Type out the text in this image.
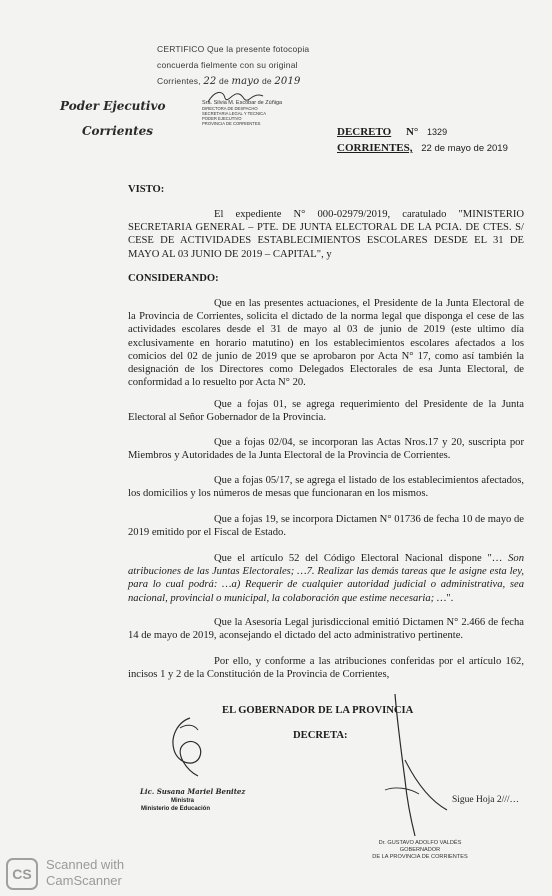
CERTIFICO Que la presente fotocopia
concuerda fielmente con su original
Corrientes, 22 de mayo de 2019
Sra. Silvia M. Escobar de Zúñiga
DIRECTORA DE DESPACHO
SECRETARIA LEGAL Y TECNICA
PODER EJECUTIVO
PROVINCIA DE CORRIENTES
Poder Ejecutivo
Corrientes	DECRETO N° 1329
CORRIENTES, 22 de mayo de 2019
VISTO:
El expediente N° 000-02979/2019, caratulado "MINISTERIO SECRETARIA GENERAL – PTE. DE JUNTA ELECTORAL DE LA PCIA. DE CTES. S/ CESE DE ACTIVIDADES ESTABLECIMIENTOS ESCOLARES DESDE EL 31 DE MAYO AL 03 JUNIO DE 2019 – CAPITAL", y
CONSIDERANDO:
Que en las presentes actuaciones, el Presidente de la Junta Electoral de la Provincia de Corrientes, solicita el dictado de la norma legal que disponga el cese de las actividades escolares desde el 31 de mayo al 03 de junio de 2019 (este ultimo día exclusivamente en horario matutino) en los establecimientos escolares afectados a los comicios del 02 de junio de 2019 que se aprobaron por Acta N° 17, como así también la designación de los Directores como Delegados Electorales de esa Junta Electoral, de conformidad a lo resuelto por Acta N° 20.
Que a fojas 01, se agrega requerimiento del Presidente de la Junta Electoral al Señor Gobernador de la Provincia.
Que a fojas 02/04, se incorporan las Actas Nros.17 y 20, suscripta por Miembros y Autoridades de la Junta Electoral de la Provincia de Corrientes.
Que a fojas 05/17, se agrega el listado de los establecimientos afectados, los domicilios y los números de mesas que funcionaran en los mismos.
Que a fojas 19, se incorpora Dictamen N° 01736 de fecha 10 de mayo de 2019 emitido por el Fiscal de Estado.
Que el artículo 52 del Código Electoral Nacional dispone "… Son atribuciones de las Juntas Electorales; …7. Realizar las demás tareas que le asigne esta ley, para lo cual podrá: …a) Requerir de cualquier autoridad judicial o administrativa, sea nacional, provincial o municipal, la colaboración que estime necesaria; …".
Que la Asesoría Legal jurisdiccional emitió Dictamen N° 2.466 de fecha 14 de mayo de 2019, aconsejando el dictado del acto administrativo pertinente.
Por ello, y conforme a las atribuciones conferidas por el artículo 162, incisos 1 y 2 de la Constitución de la Provincia de Corrientes,
EL GOBERNADOR DE LA PROVINCIA
DECRETA:
Lic. Susana Mariel Benitez
Ministra
Ministerio de Educación
Sigue Hoja 2///…
Dr. GUSTAVO ADOLFO VALDÉS
GOBERNADOR
DE LA PROVINCIA DE CORRIENTES
CS
Scanned with
CamScanner
